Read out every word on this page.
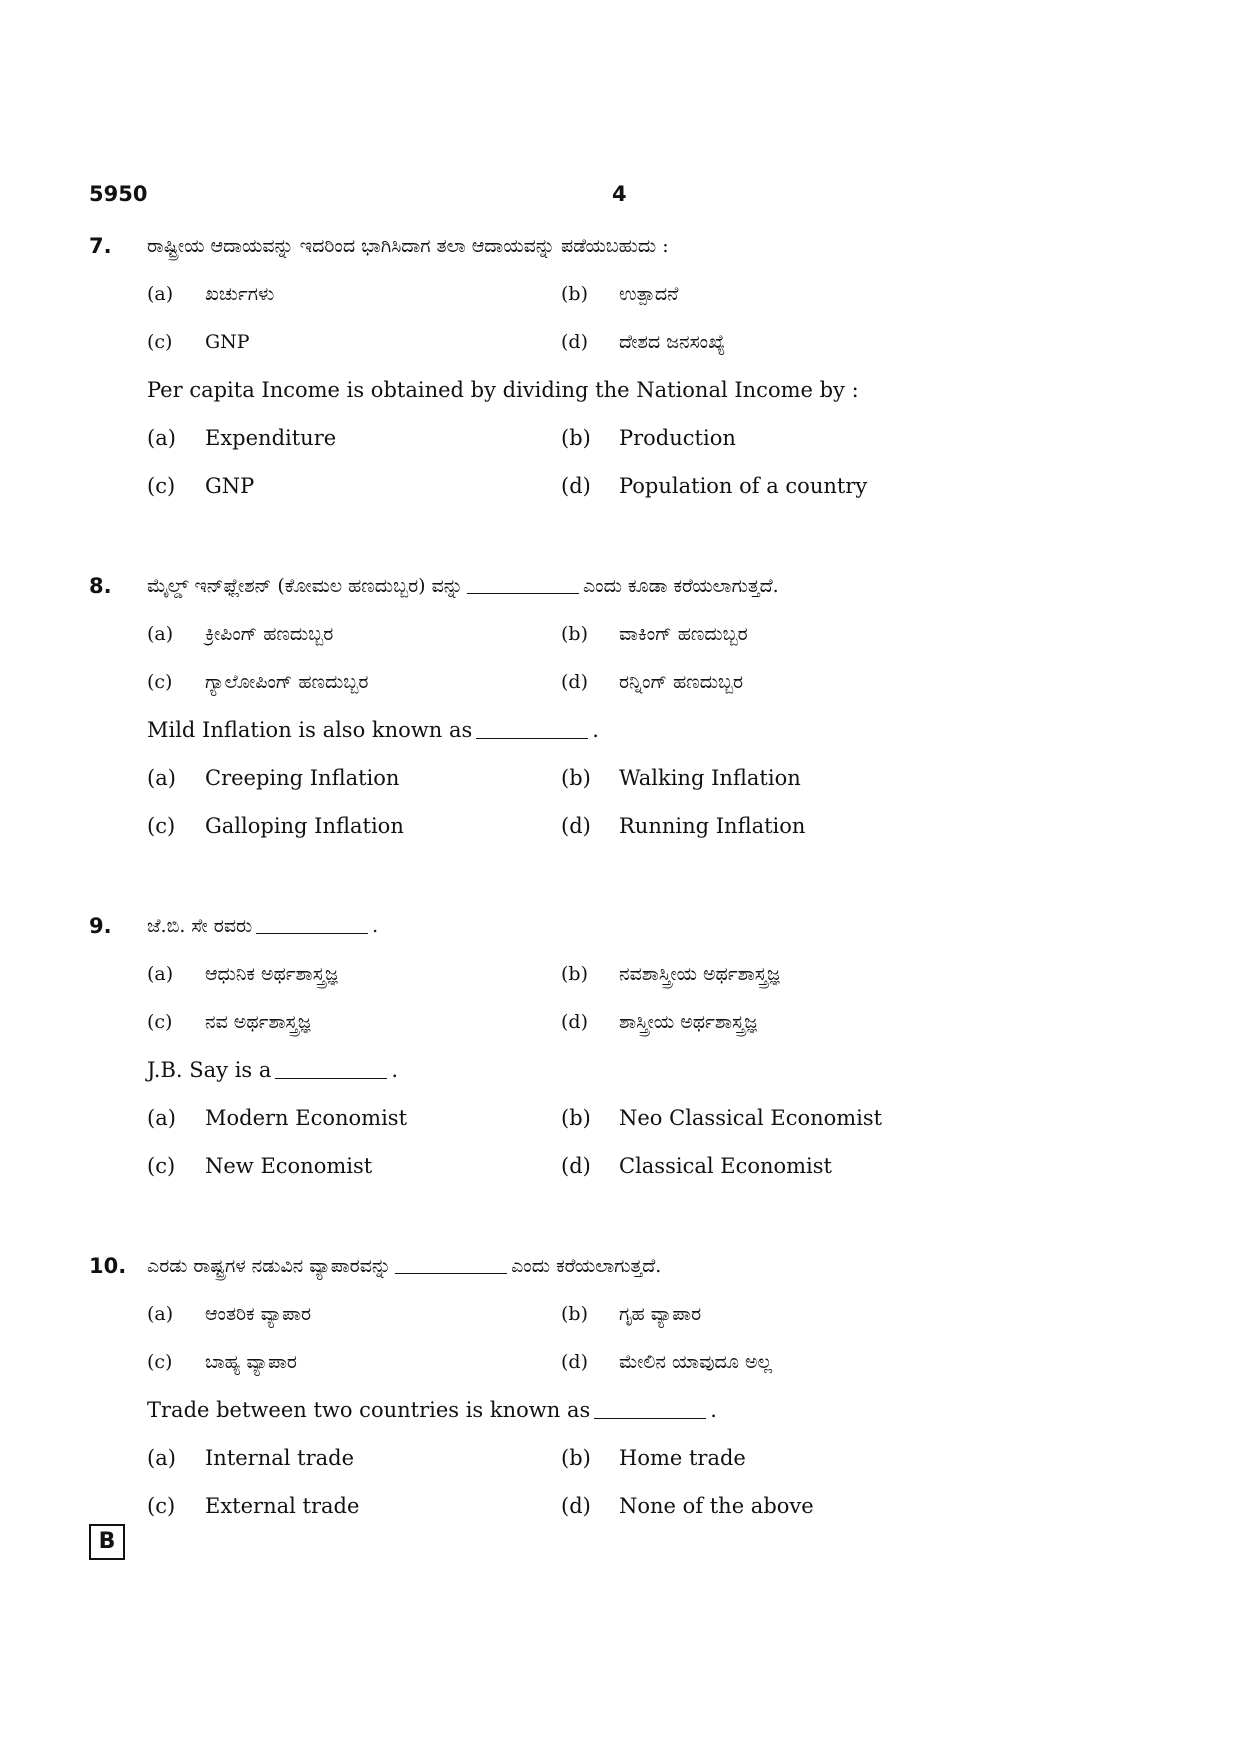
5950	4
7. ರಾಷ್ಟ್ರೀಯ ಆದಾಯವನ್ನು ಇದರಿಂದ ಭಾಗಿಸಿದಾಗ ತಲಾ ಆದಾಯವನ್ನು ಪಡೆಯಬಹುದು :
(a) ಖರ್ಚುಗಳು	(b) ಉತ್ಪಾದನೆ
(c) GNP	(d) ದೇಶದ ಜನಸಂಖ್ಯೆ
Per capita Income is obtained by dividing the National Income by :
(a) Expenditure	(b) Production
(c) GNP	(d) Population of a country
8. ಮೈಲ್ಡ್ ಇನ್‌ಫ್ಲೇಶನ್ (ಕೋಮಲ ಹಣದುಬ್ಬರ) ವನ್ನು	ಎಂದು ಕೂಡಾ ಕರೆಯಲಾಗುತ್ತದೆ.
(a) ಕ್ರೀಪಿಂಗ್ ಹಣದುಬ್ಬರ	(b) ವಾಕಿಂಗ್ ಹಣದುಬ್ಬರ
(c) ಗ್ಯಾಲೋಪಿಂಗ್ ಹಣದುಬ್ಬರ	(d) ರನ್ನಿಂಗ್ ಹಣದುಬ್ಬರ
Mild Inflation is also known as	.
(a) Creeping Inflation	(b) Walking Inflation
(c) Galloping Inflation	(d) Running Inflation
9. ಜೆ.ಬಿ. ಸೇ ರವರು	.
(a) ಆಧುನಿಕ ಅರ್ಥಶಾಸ್ತ್ರಜ್ಞ	(b) ನವಶಾಸ್ತ್ರೀಯ ಅರ್ಥಶಾಸ್ತ್ರಜ್ಞ
(c) ನವ ಅರ್ಥಶಾಸ್ತ್ರಜ್ಞ	(d) ಶಾಸ್ತ್ರೀಯ ಅರ್ಥಶಾಸ್ತ್ರಜ್ಞ
J.B. Say is a	.
(a) Modern Economist	(b) Neo Classical Economist
(c) New Economist	(d) Classical Economist
10. ಎರಡು ರಾಷ್ಟ್ರಗಳ ನಡುವಿನ ವ್ಯಾಪಾರವನ್ನು	ಎಂದು ಕರೆಯಲಾಗುತ್ತದೆ.
(a) ಆಂತರಿಕ ವ್ಯಾಪಾರ	(b) ಗೃಹ ವ್ಯಾಪಾರ
(c) ಬಾಹ್ಯ ವ್ಯಾಪಾರ	(d) ಮೇಲಿನ ಯಾವುದೂ ಅಲ್ಲ
Trade between two countries is known as	.
(a) Internal trade	(b) Home trade
(c) External trade	(d) None of the above
B
